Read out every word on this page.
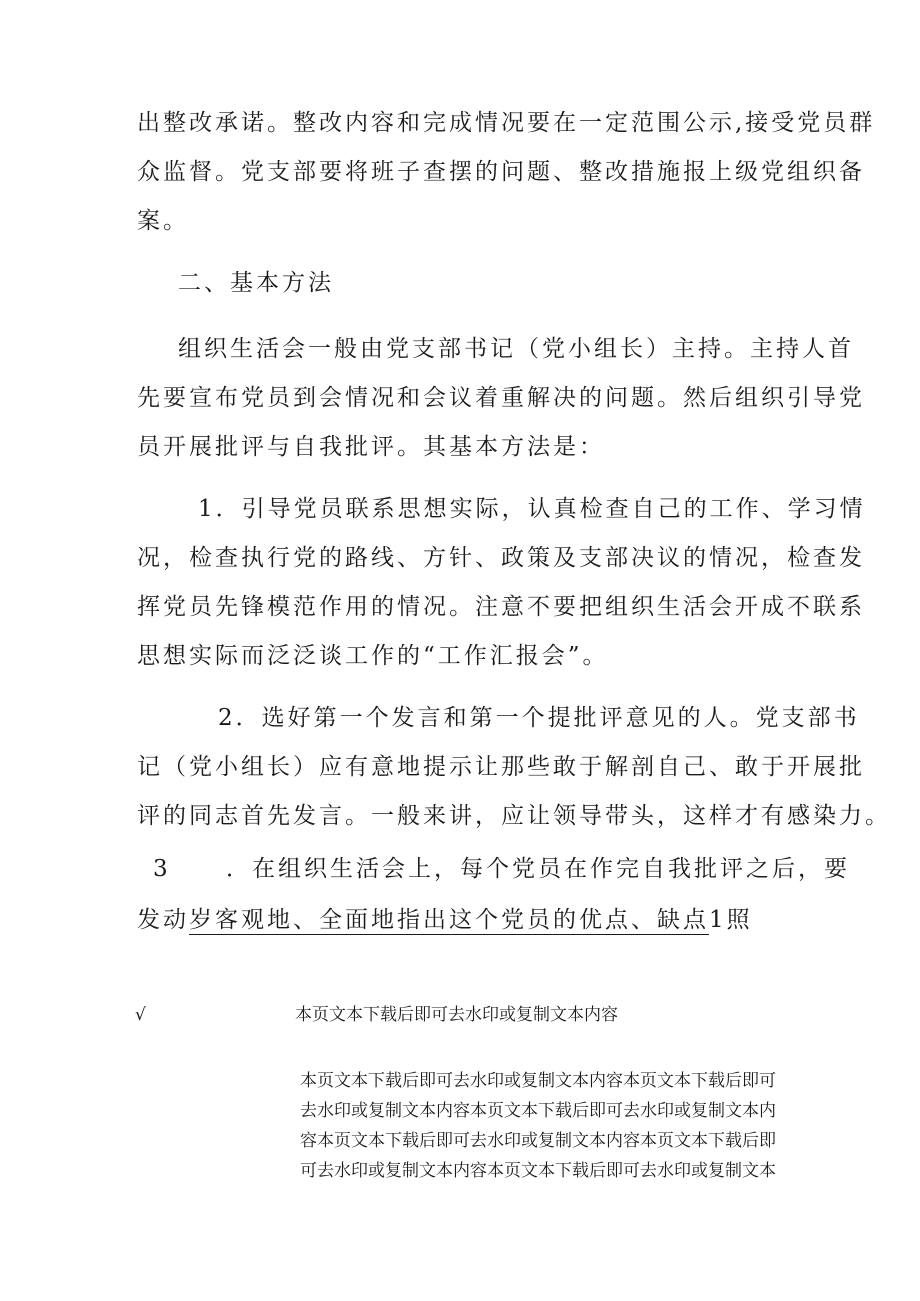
出整改承诺。整改内容和完成情况要在一定范围公示,接受党员群
众监督。党支部要将班子查摆的问题、整改措施报上级党组织备
案。
二、基本方法
组织生活会一般由党支部书记（党小组长）主持。主持人首
先要宣布党员到会情况和会议着重解决的问题。然后组织引导党
员开展批评与自我批评。其基本方法是：
1．引导党员联系思想实际，认真检查自己的工作、学习情
况，检查执行党的路线、方针、政策及支部决议的情况，检查发
挥党员先锋模范作用的情况。注意不要把组织生活会开成不联系
思想实际而泛泛谈工作的“工作汇报会”。
2．选好第一个发言和第一个提批评意见的人。党支部书
记（党小组长）应有意地提示让那些敢于解剖自己、敢于开展批
评的同志首先发言。一般来讲，应让领导带头，这样才有感染力。
3	．在组织生活会上，每个党员在作完自我批评之后，要
发动岁客观地、全面地指出这个党员的优点、缺点1照
√	本页文本下载后即可去水印或复制文本内容
本页文本下载后即可去水印或复制文本内容本页文本下载后即可
去水印或复制文本内容本页文本下载后即可去水印或复制文本内
容本页文本下载后即可去水印或复制文本内容本页文本下载后即
可去水印或复制文本内容本页文本下载后即可去水印或复制文本
